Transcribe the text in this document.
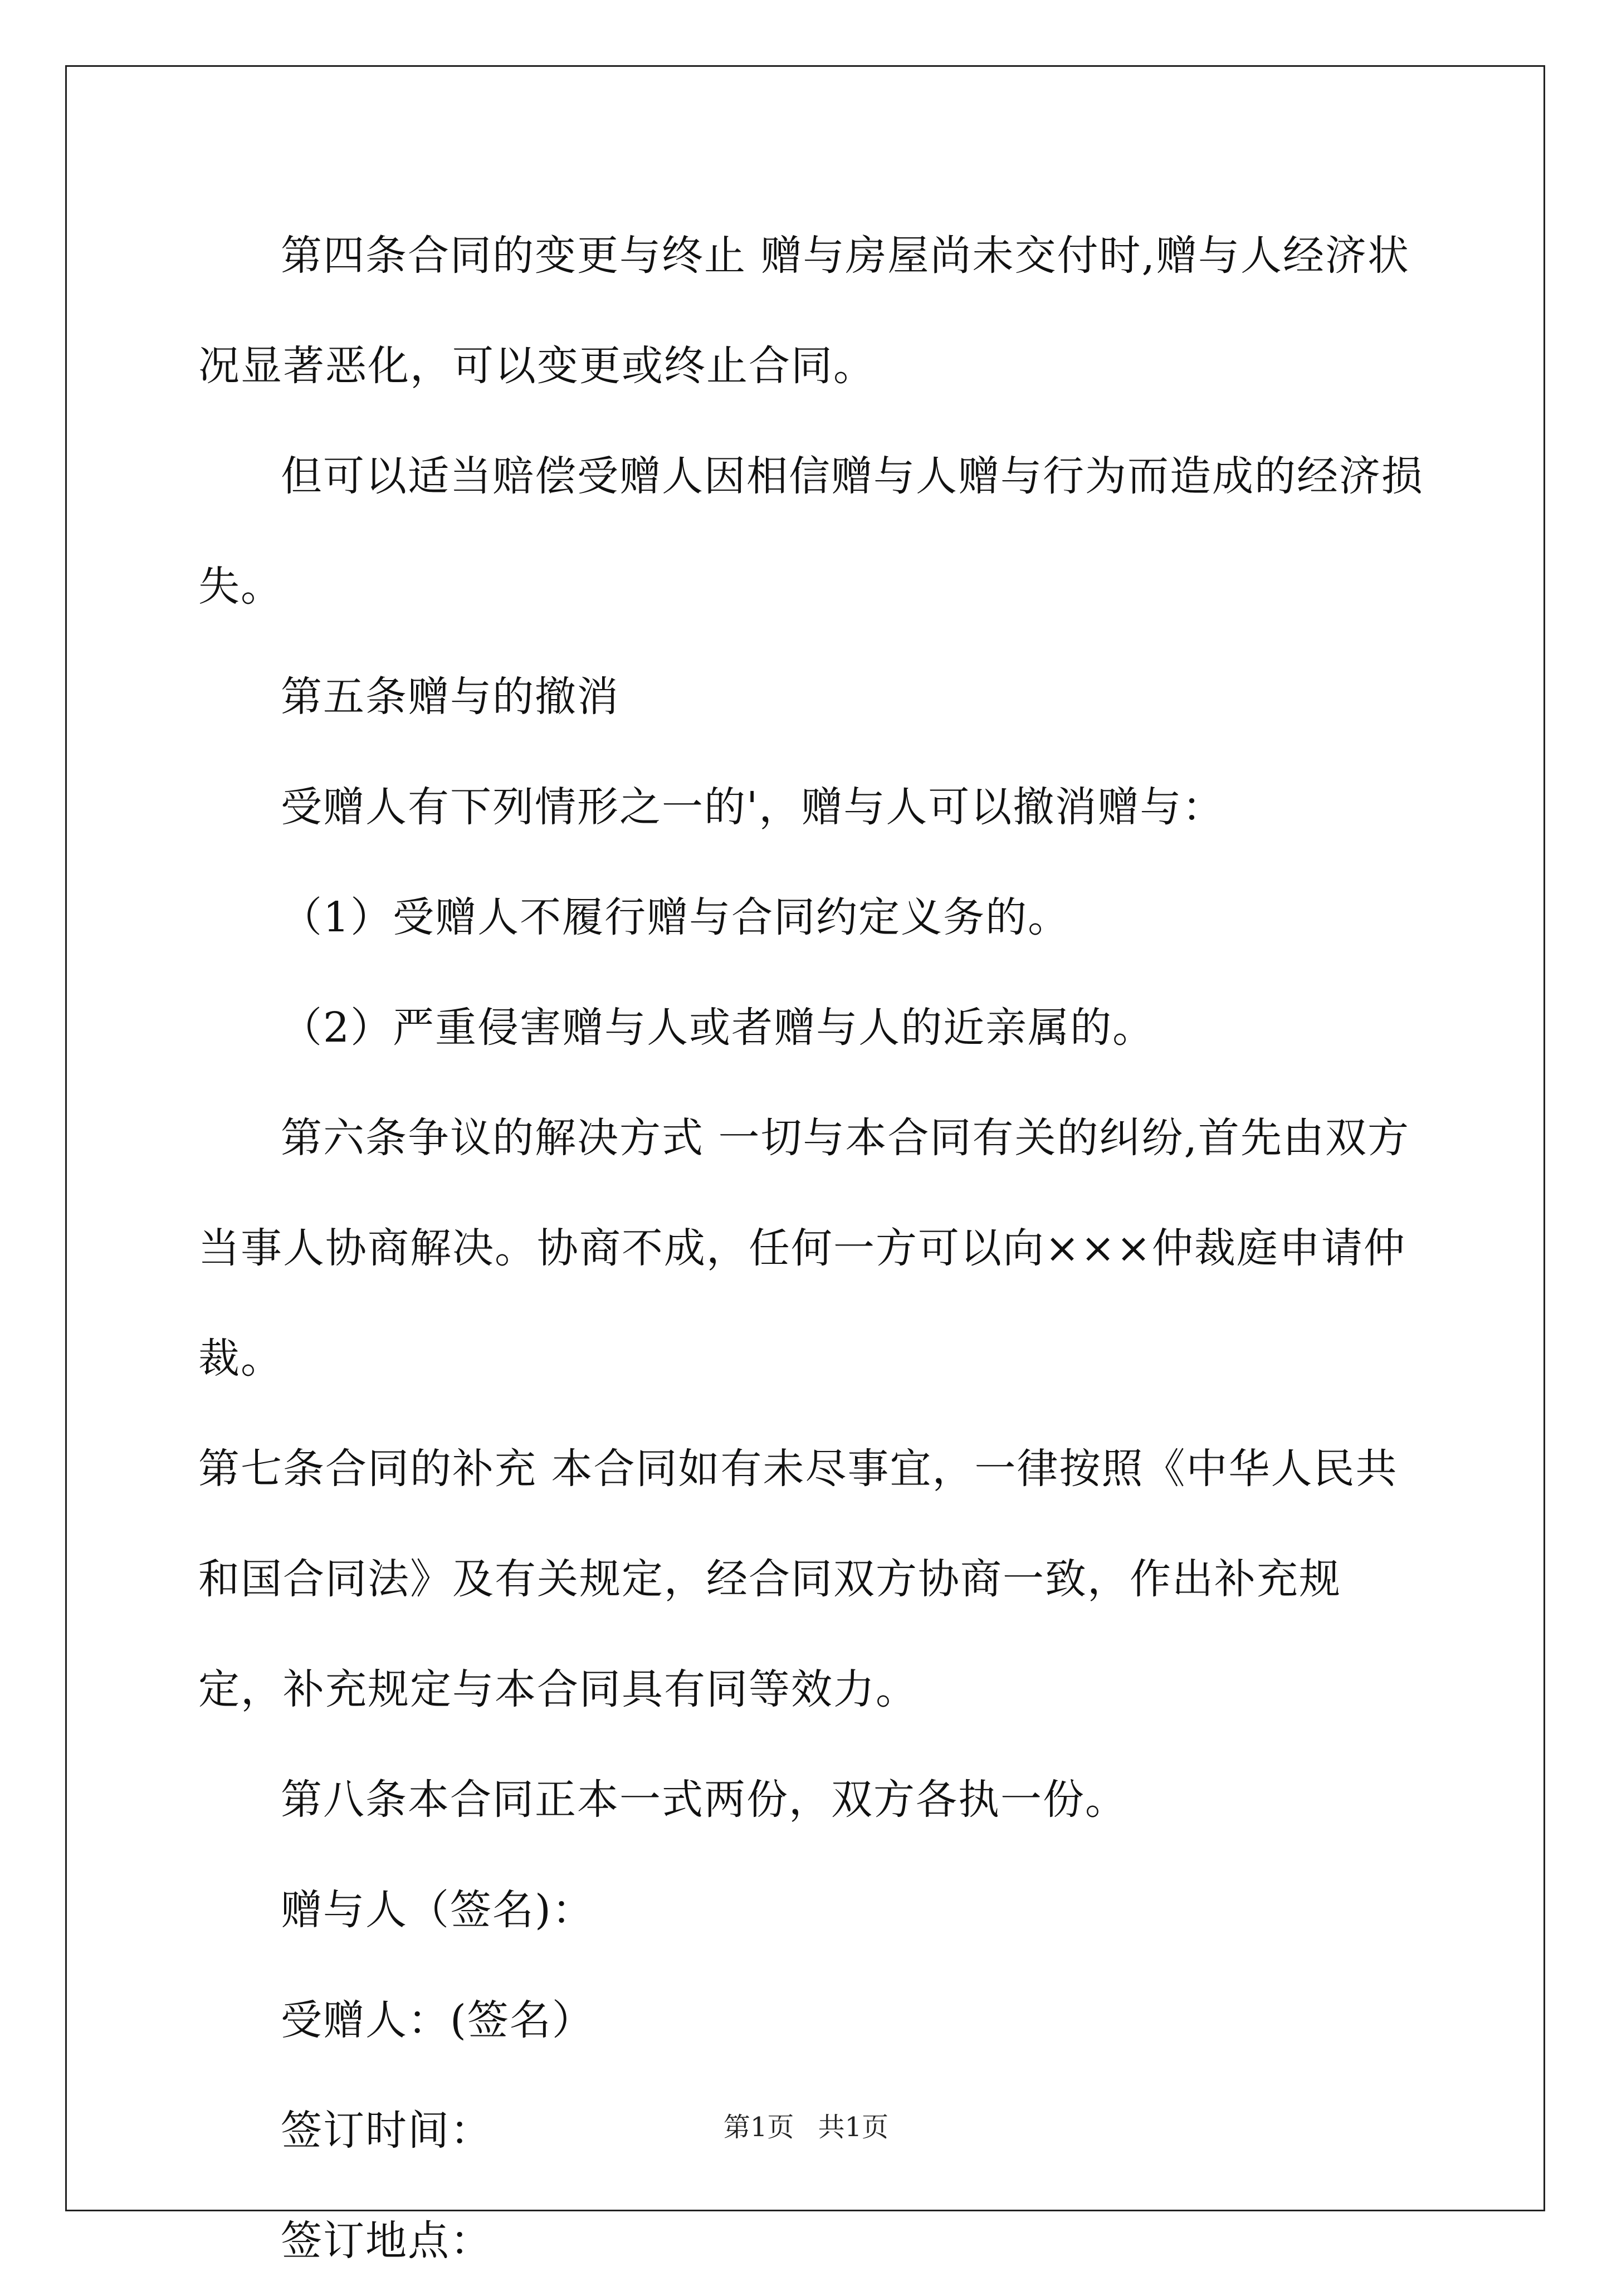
第四条合同的变更与终止 赠与房屋尚未交付时,赠与人经济状况显著恶化，可以变更或终止合同。

但可以适当赔偿受赠人因相信赠与人赠与行为而造成的经济损失。

第五条赠与的撤消

受赠人有下列情形之一的'，赠与人可以撤消赠与：

（1）受赠人不履行赠与合同约定义务的。

（2）严重侵害赠与人或者赠与人的近亲属的。

第六条争议的解决方式 一切与本合同有关的纠纷,首先由双方当事人协商解决。协商不成，任何一方可以向×××仲裁庭申请仲裁。

第七条合同的补充 本合同如有未尽事宜，一律按照《中华人民共和国合同法》及有关规定，经合同双方协商一致，作出补充规定，补充规定与本合同具有同等效力。

第八条本合同正本一式两份，双方各执一份。

赠与人（签名)：

受赠人：(签名）

签订时间：

签订地点：

第1页 共1页
